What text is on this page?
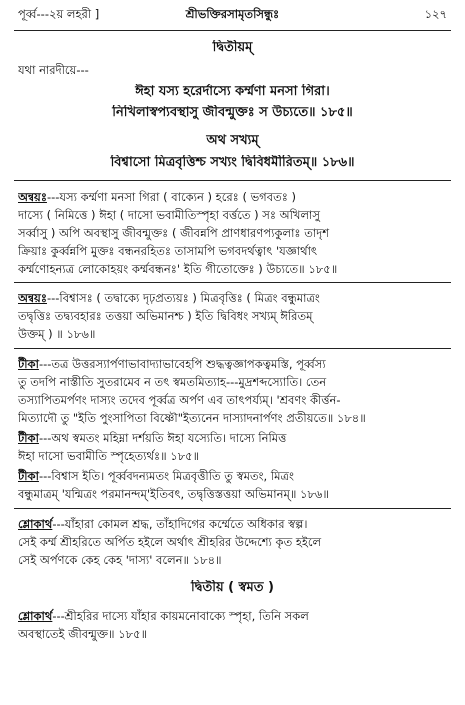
পূর্ব্ব---২য় লহরী ]	শ্রীভক্তিরসামৃতসিন্ধুঃ	১২৭
দ্বিতীয়ম্
যথা নারদীয়ে---
ঈহা যস্য হরের্দাস্যে কর্ম্মণা মনসা গিরা।
নিখিলাস্বপ্যবস্থাসু জীবন্মুক্তঃ স উচ্যতে॥ ১৮৫॥
অথ সখ্যম্
বিশ্বাসো মিত্রবৃত্তিশ্চ সখ্যং দ্বিবিধমীরিতম্॥ ১৮৬॥
অন্বয়ঃ---যস্য কর্ম্মণা মনসা গিরা ( বাক্যেন ) হরেঃ ( ভগবতঃ )
দাস্যে ( নিমিত্তে ) ঈহা ( দাসো ভবামীতিস্পৃহা বর্ত্ততে ) সঃ অখিলাসু
সর্ব্বাসু ) অপি অবস্থাসু জীবন্মুক্তঃ ( জীবন্নপি প্রাণধারণপ্যকুলাঃ তাদৃশ
ক্রিয়াঃ কুর্ব্বন্নপি মুক্তঃ বন্ধনরহিতঃ তাসামপি ভগবদর্থত্বাৎ 'যজ্ঞার্থাৎ
কর্ম্মণোহন্যত্র লোকোহয়ং কর্ম্মবন্ধনঃ' ইতি গীতোক্তেঃ ) উচ্যতে॥ ১৮৫॥
অন্বয়ঃ---বিশ্বাসঃ ( তদ্বাক্যে দৃঢ়প্রত্যয়ঃ ) মিত্রবৃত্তিঃ ( মিত্রং বন্ধুমাত্রং
তদ্বৃত্তিঃ তদ্ব্যবহারঃ তত্তয়া অভিমানশ্চ ) ইতি দ্বিবিধং সখ্যম্ ঈরিতম্
উক্তম্ ) ॥ ১৮৬॥
টীকা---তত্র উত্তরস্যার্পণাভাবাদ্যাভাবেহপি শুদ্ধত্বজ্ঞাপকত্বমস্তি, পূর্ব্বস্য
তু তদপি নাস্তীতি সুতরামেব ন তৎ স্বমতমিত্যাহ---মুদ্রশব্দস্যোতি। তেন
তস্যাপিতমর্পণং দাস্যং তদেব পূর্ব্বত্র অর্পণ এব তাৎপর্য্যম্। 'শ্রবণং কীর্ত্তন-
মিত্যাদৌ তু "ইতি পুংসাপিতা বিষ্ণৌ"ইত্যনেন দাস্যাদনার্পণং প্রতীয়তে॥ ১৮৪॥
টীকা---অথ স্বমতং মহিম্না দর্শয়তি ঈহা যস্যেতি। দাস্যে নিমিত্ত
ঈহা দাসো ভবামীতি স্পৃহেত্যর্থঃ॥ ১৮৫॥
টীকা---বিশ্বাস ইতি। পূর্ব্ববদন্যমতং মিত্রবৃত্তীতি তু স্বমতং, মিত্রং
বন্ধুমাত্রম্ 'যন্মিত্রং পরমানন্দম্'ইতিবৎ, তদ্বৃত্তিস্তত্তয়া অভিমানম্॥ ১৮৬॥
শ্লোকার্থ---যাঁহারা কোমল শ্রদ্ধ, তাঁহাদিগের কর্ম্মেতে অধিকার স্বল্প।
সেই কর্ম্ম শ্রীহরিতে অর্পিত হইলে অর্থাৎ শ্রীহরির উদ্দেশ্যে কৃত হইলে
সেই অর্পণকে কেহ কেহ 'দাস্য' বলেন॥ ১৮৪॥
দ্বিতীয় ( স্বমত )
শ্লোকার্থ---শ্রীহরির দাস্যে যাঁহার কায়মনোবাক্যে স্পৃহা, তিনি সকল
অবস্থাতেই জীবন্মুক্ত॥ ১৮৫॥
